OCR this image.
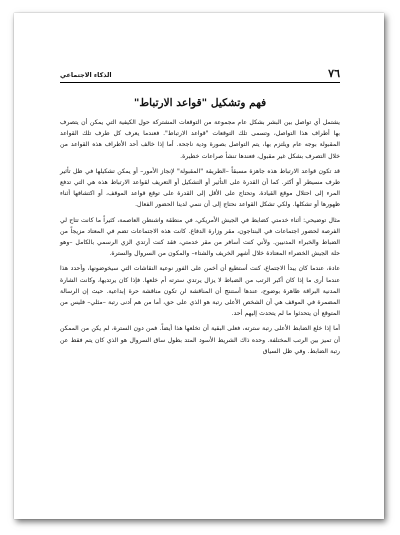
٧٦
الذكاء الاجتماعي
فهم وتشكيل "قواعد الارتباط"

يشتمل أي تواصل بين البشر بشكل عام مجموعة من التوقعات المشتركة حول الكيفية التي يمكن أن يتصرف بها أطراف هذا التواصل، وتسمى تلك التوقعات "قواعد الارتباط". فعندما يعرف كل طرف تلك القواعد المقبولة بوجه عام ويلتزم بها، يتم التواصل بصورة ودية ناجحة. أما إذا خالف أحد الأطراف هذه القواعد من خلال التصرف بشكل غير مقبول، فعندها تنشأ صراعات خطيرة.

قد تكون قواعد الارتباط هذه جاهزة مسبقاً –الطريقة "المقبولة" لإنجاز الأمور– أو يمكن تشكيلها في ظل تأثير طرف مسيطر أو أكثر. كما أن القدرة على التأثير أو التشكيل أو التعريف لقواعد الارتباط هذه هي التي تدفع المرء إلى احتلال موقع القيادة. وتحتاج على الأقل إلى القدرة على توقع قواعد الموقف، أو اكتشافها أثناء ظهورها أو تشكلها. ولكي تشكل القواعد نحتاج إلى أن ننمي لدينا الحضور الفعال.

مثال توضيحي: أثناء خدمتي كضابط في الجيش الأمريكي، في منطقة واشنطن العاصمة، كثيراً ما كانت تتاح لي الفرصة لحضور اجتماعات في البنتاجون، مقر وزارة الدفاع. كانت هذه الاجتماعات تضم في المعتاد مزيجاً من الضباط والخبراء المدنيين. ولأني كنت أسافر من مقر خدمتي، فقد كنت أرتدي الزي الرسمي بالكامل –وهو حلة الجيش الخضراء المعتادة خلال أشهر الخريف والشتاء– والمكون من السروال والسترة.

عادة، عندما كان يبدأ الاجتماع، كنت أستطيع أن أخمن على الفور نوعية النقاشات التي سيخوضونها، وأحدد هذا عندما أرى ما إذا كان أكبر الرتب من الضباط لا يزال يرتدي سترته أم خلعها. فإذا كان يرتديها، وكانت الشارة المدنية البراقة ظاهرة بوضوح، عندها أستنتج أن المناقشة لن تكون مناقشة حرة إبداعية. حيث إن الرسالة المضمرة في الموقف هي أن الشخص الأعلى رتبة هو الذي على حق، أما من هم أدنى رتبة –مثلي– فليس من المتوقع أن يتحدثوا ما لم يتحدث إليهم أحد.

أما إذا خلع الضابط الأعلى رتبة سترته، فعلى البقية أن تخلعها هذا أيضاً. فمن دون السترة، لم يكن من الممكن أن تميز بين الرتب المختلفة. وحده ذاك الشريط الأسود المتد بطول ساق السروال هو الذي كان يتم فقط عن رتبة الضابط. وفي ظل السياق
